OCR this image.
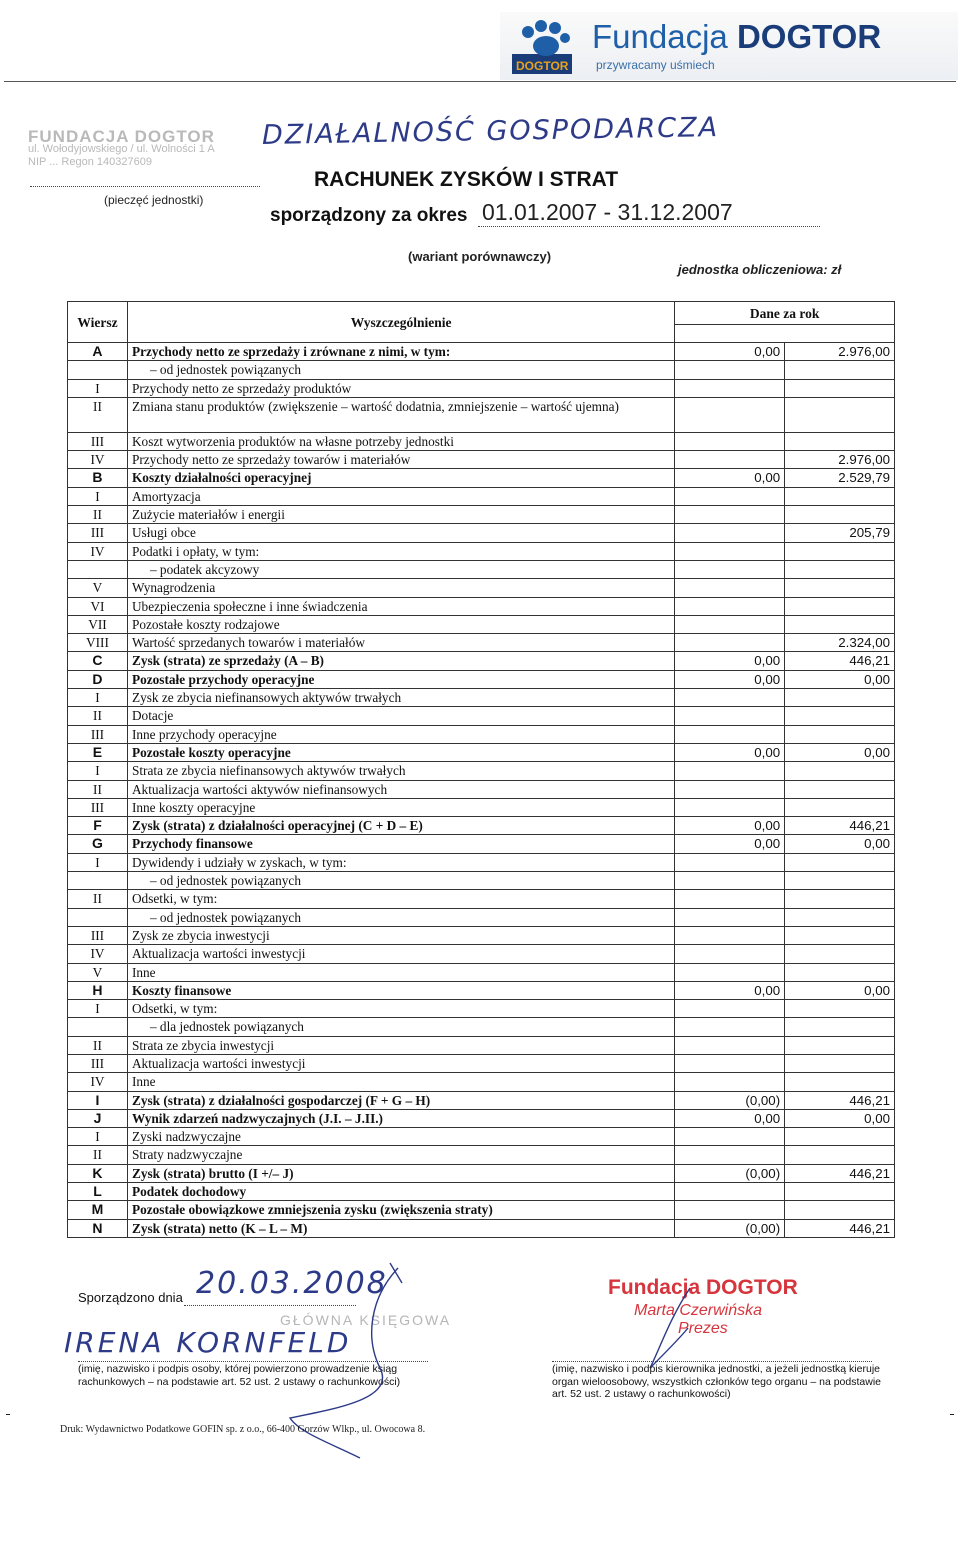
DOGTOR
Fundacja DOGTOR
przywracamy uśmiech
FUNDACJA DOGTOR
ul. Wołodyjowskiego / ul. Wolności 1 A
NIP ... Regon 140327609
(pieczęć jednostki)
DZIAŁALNOŚĆ GOSPODARCZA
RACHUNEK ZYSKÓW I STRAT
sporządzony za okres 01.01.2007 - 31.12.2007
(wariant porównawczy)
jednostka obliczeniowa: zł
Wiersz	Wyszczególnienie	Dane za rok	

A	Przychody netto ze sprzedaży i zrównane z nimi, w tym:	0,00	2.976,00
	– od jednostek powiązanych		
I	Przychody netto ze sprzedaży produktów		
II	Zmiana stanu produktów (zwiększenie – wartość dodatnia, zmniejszenie – wartość ujemna)		
III	Koszt wytworzenia produktów na własne potrzeby jednostki		
IV	Przychody netto ze sprzedaży towarów i materiałów		2.976,00
B	Koszty działalności operacyjnej	0,00	2.529,79
I	Amortyzacja		
II	Zużycie materiałów i energii		
III	Usługi obce		205,79
IV	Podatki i opłaty, w tym:		
	– podatek akcyzowy		
V	Wynagrodzenia		
VI	Ubezpieczenia społeczne i inne świadczenia		
VII	Pozostałe koszty rodzajowe		
VIII	Wartość sprzedanych towarów i materiałów		2.324,00
C	Zysk (strata) ze sprzedaży (A – B)	0,00	446,21
D	Pozostałe przychody operacyjne	0,00	0,00
I	Zysk ze zbycia niefinansowych aktywów trwałych		
II	Dotacje		
III	Inne przychody operacyjne		
E	Pozostałe koszty operacyjne	0,00	0,00
I	Strata ze zbycia niefinansowych aktywów trwałych		
II	Aktualizacja wartości aktywów niefinansowych		
III	Inne koszty operacyjne		
F	Zysk (strata) z działalności operacyjnej (C + D – E)	0,00	446,21
G	Przychody finansowe	0,00	0,00
I	Dywidendy i udziały w zyskach, w tym:		
	– od jednostek powiązanych		
II	Odsetki, w tym:		
	– od jednostek powiązanych		
III	Zysk ze zbycia inwestycji		
IV	Aktualizacja wartości inwestycji		
V	Inne		
H	Koszty finansowe	0,00	0,00
I	Odsetki, w tym:		
	– dla jednostek powiązanych		
II	Strata ze zbycia inwestycji		
III	Aktualizacja wartości inwestycji		
IV	Inne		
I	Zysk (strata) z działalności gospodarczej (F + G – H)	(0,00)	446,21
J	Wynik zdarzeń nadzwyczajnych (J.I. – J.II.)	0,00	0,00
I	Zyski nadzwyczajne		
II	Straty nadzwyczajne		
K	Zysk (strata) brutto (I +/– J)	(0,00)	446,21
L	Podatek dochodowy		
M	Pozostałe obowiązkowe zmniejszenia zysku (zwiększenia straty)		
N	Zysk (strata) netto (K – L – M)	(0,00)	446,21
Sporządzono dnia 20.03.2008
GŁÓWNA KSIĘGOWA
IRENA KORNFELD
(imię, nazwisko i podpis osoby, której powierzono prowadzenie ksiąg rachunkowych – na podstawie art. 52 ust. 2 ustawy o rachunkowości)
Fundacja DOGTOR
Marta Czerwińska
Prezes
(imię, nazwisko i podpis kierownika jednostki, a jeżeli jednostką kieruje organ wieloosobowy, wszystkich członków tego organu – na podstawie art. 52 ust. 2 ustawy o rachunkowości)
Druk: Wydawnictwo Podatkowe GOFIN sp. z o.o., 66-400 Gorzów Wlkp., ul. Owocowa 8.
